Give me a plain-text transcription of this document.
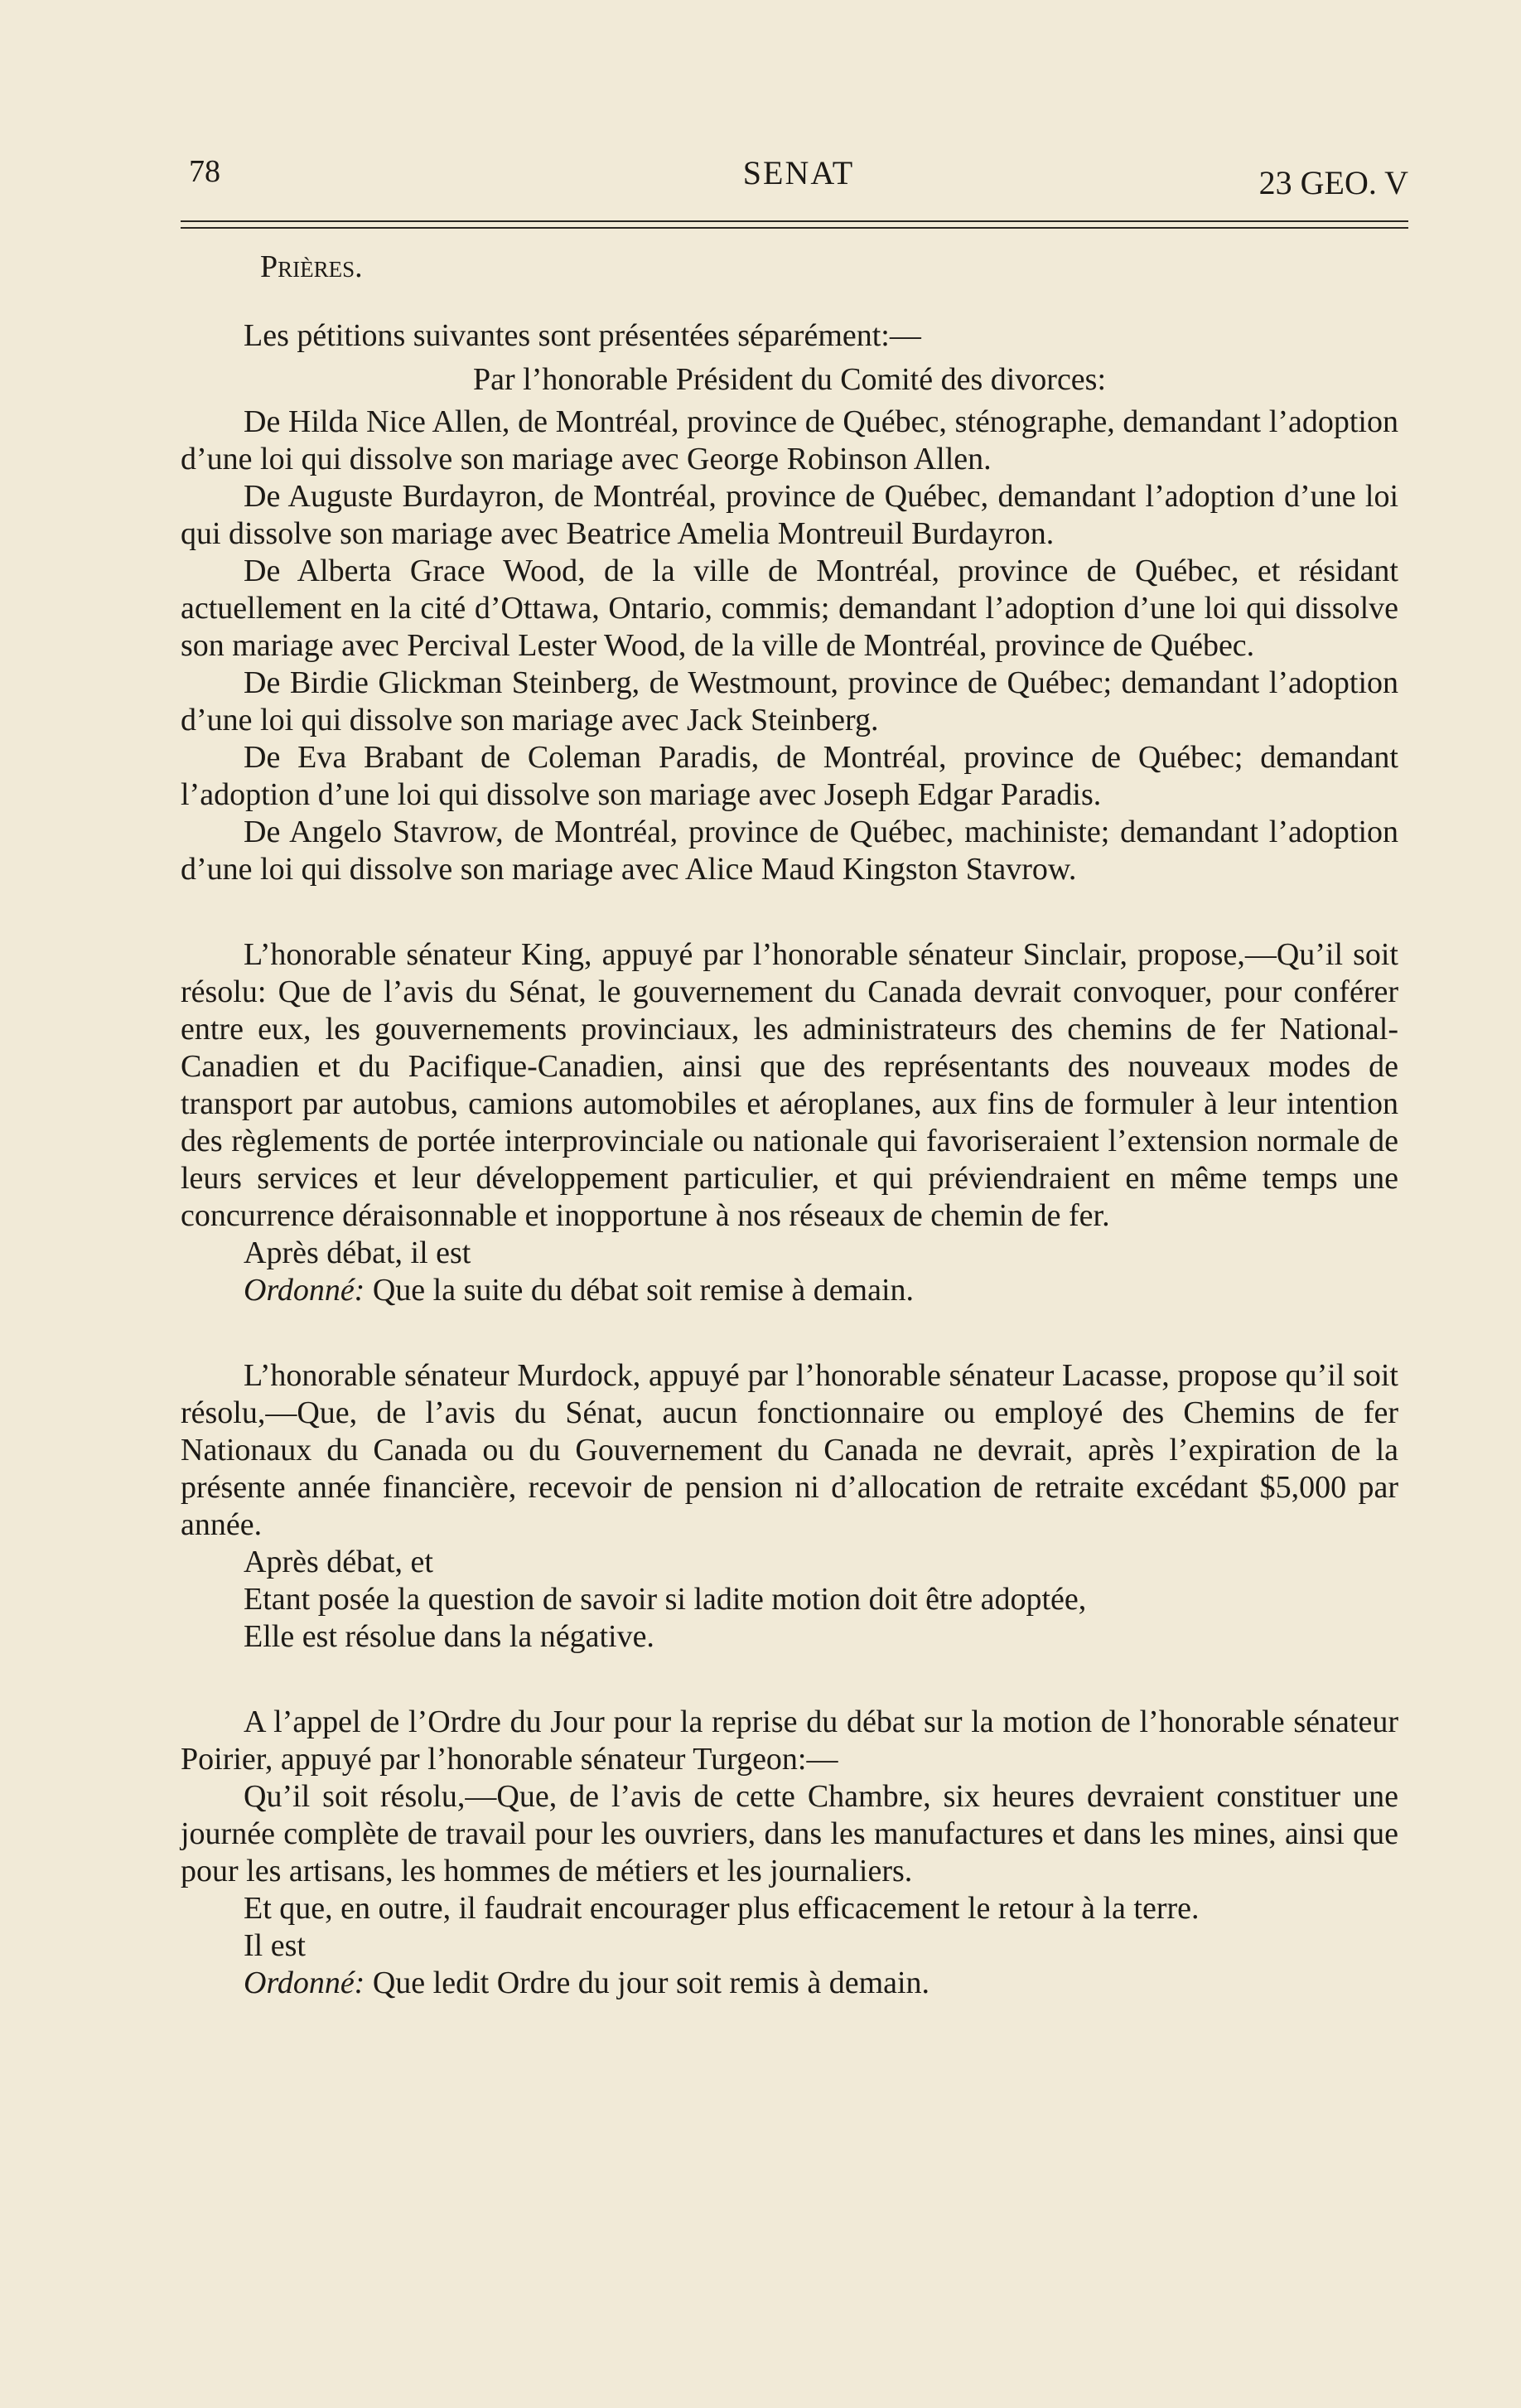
78	SENAT	23 GEO. V

Prières.

Les pétitions suivantes sont présentées séparément:—

Par l’honorable Président du Comité des divorces:

De Hilda Nice Allen, de Montréal, province de Québec, sténographe, demandant l’adoption d’une loi qui dissolve son mariage avec George Robinson Allen.

De Auguste Burdayron, de Montréal, province de Québec, demandant l’adoption d’une loi qui dissolve son mariage avec Beatrice Amelia Montreuil Burdayron.

De Alberta Grace Wood, de la ville de Montréal, province de Québec, et résidant actuellement en la cité d’Ottawa, Ontario, commis; demandant l’adoption d’une loi qui dissolve son mariage avec Percival Lester Wood, de la ville de Montréal, province de Québec.

De Birdie Glickman Steinberg, de Westmount, province de Québec; demandant l’adoption d’une loi qui dissolve son mariage avec Jack Steinberg.

De Eva Brabant de Coleman Paradis, de Montréal, province de Québec; demandant l’adoption d’une loi qui dissolve son mariage avec Joseph Edgar Paradis.

De Angelo Stavrow, de Montréal, province de Québec, machiniste; demandant l’adoption d’une loi qui dissolve son mariage avec Alice Maud Kingston Stavrow.

L’honorable sénateur King, appuyé par l’honorable sénateur Sinclair, propose,—Qu’il soit résolu: Que de l’avis du Sénat, le gouvernement du Canada devrait convoquer, pour conférer entre eux, les gouvernements provinciaux, les administrateurs des chemins de fer National-Canadien et du Pacifique-Canadien, ainsi que des représentants des nouveaux modes de transport par autobus, camions automobiles et aéroplanes, aux fins de formuler à leur intention des règlements de portée interprovinciale ou nationale qui favoriseraient l’extension normale de leurs services et leur développement particulier, et qui préviendraient en même temps une concurrence déraisonnable et inopportune à nos réseaux de chemin de fer.

Après débat, il est

Ordonné: Que la suite du débat soit remise à demain.

L’honorable sénateur Murdock, appuyé par l’honorable sénateur Lacasse, propose qu’il soit résolu,—Que, de l’avis du Sénat, aucun fonctionnaire ou employé des Chemins de fer Nationaux du Canada ou du Gouvernement du Canada ne devrait, après l’expiration de la présente année financière, recevoir de pension ni d’allocation de retraite excédant $5,000 par année.

Après débat, et

Etant posée la question de savoir si ladite motion doit être adoptée,

Elle est résolue dans la négative.

A l’appel de l’Ordre du Jour pour la reprise du débat sur la motion de l’honorable sénateur Poirier, appuyé par l’honorable sénateur Turgeon:—

Qu’il soit résolu,—Que, de l’avis de cette Chambre, six heures devraient constituer une journée complète de travail pour les ouvriers, dans les manufactures et dans les mines, ainsi que pour les artisans, les hommes de métiers et les journaliers.

Et que, en outre, il faudrait encourager plus efficacement le retour à la terre.

Il est

Ordonné: Que ledit Ordre du jour soit remis à demain.
